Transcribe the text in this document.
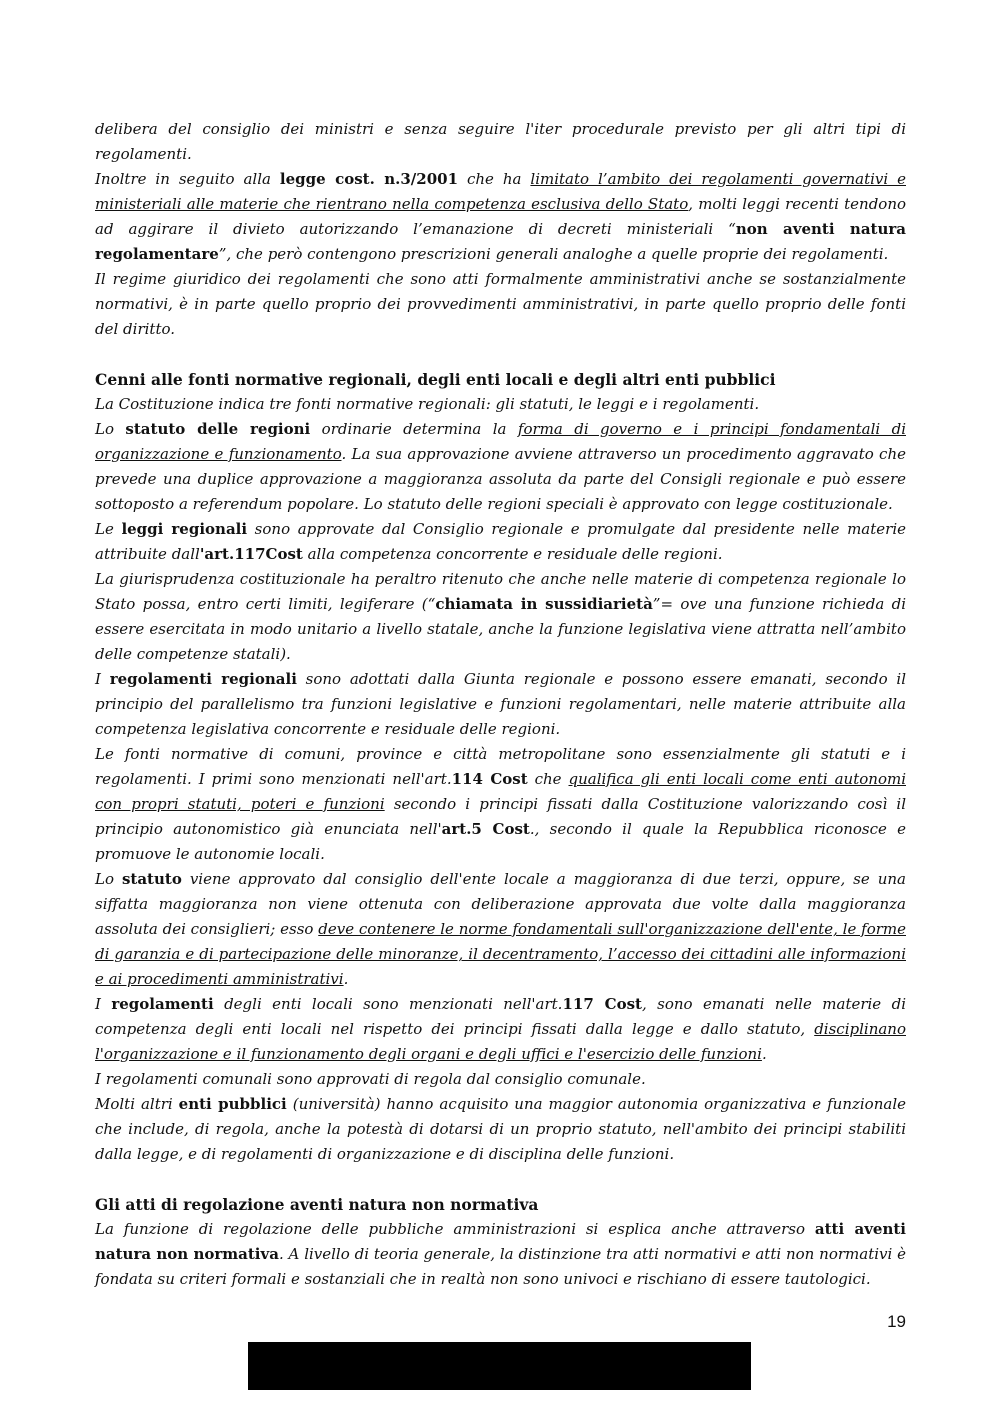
delibera del consiglio dei ministri e senza seguire l'iter procedurale previsto per gli altri tipi di regolamenti.

Inoltre in seguito alla legge cost. n.3/2001 che ha limitato l’ambito dei regolamenti governativi e ministeriali alle materie che rientrano nella competenza esclusiva dello Stato, molti leggi recenti tendono ad aggirare il divieto autorizzando l’emanazione di decreti ministeriali “non aventi natura regolamentare”, che però contengono prescrizioni generali analoghe a quelle proprie dei regolamenti.

Il regime giuridico dei regolamenti che sono atti formalmente amministrativi anche se sostanzialmente normativi, è in parte quello proprio dei provvedimenti amministrativi, in parte quello proprio delle fonti del diritto.

Cenni alle fonti normative regionali, degli enti locali e degli altri enti pubblici

La Costituzione indica tre fonti normative regionali: gli statuti, le leggi e i regolamenti.

Lo statuto delle regioni ordinarie determina la forma di governo e i principi fondamentali di organizzazione e funzionamento. La sua approvazione avviene attraverso un procedimento aggravato che prevede una duplice approvazione a maggioranza assoluta da parte del Consigli regionale e può essere sottoposto a referendum popolare. Lo statuto delle regioni speciali è approvato con legge costituzionale.

Le leggi regionali sono approvate dal Consiglio regionale e promulgate dal presidente nelle materie attribuite dall'art.117Cost alla competenza concorrente e residuale delle regioni.

La giurisprudenza costituzionale ha peraltro ritenuto che anche nelle materie di competenza regionale lo Stato possa, entro certi limiti, legiferare (“chiamata in sussidiarietà”= ove una funzione richieda di essere esercitata in modo unitario a livello statale, anche la funzione legislativa viene attratta nell’ambito delle competenze statali).

I regolamenti regionali sono adottati dalla Giunta regionale e possono essere emanati, secondo il principio del parallelismo tra funzioni legislative e funzioni regolamentari, nelle materie attribuite alla competenza legislativa concorrente e residuale delle regioni.

Le fonti normative di comuni, province e città metropolitane sono essenzialmente gli statuti e i regolamenti. I primi sono menzionati nell'art.114 Cost che qualifica gli enti locali come enti autonomi con propri statuti, poteri e funzioni secondo i principi fissati dalla Costituzione valorizzando così il principio autonomistico già enunciata nell'art.5 Cost., secondo il quale la Repubblica riconosce e promuove le autonomie locali.

Lo statuto viene approvato dal consiglio dell'ente locale a maggioranza di due terzi, oppure, se una siffatta maggioranza non viene ottenuta con deliberazione approvata due volte dalla maggioranza assoluta dei consiglieri; esso deve contenere le norme fondamentali sull'organizzazione dell'ente, le forme di garanzia e di partecipazione delle minoranze, il decentramento, l’accesso dei cittadini alle informazioni e ai procedimenti amministrativi.

I regolamenti degli enti locali sono menzionati nell'art.117 Cost, sono emanati nelle materie di competenza degli enti locali nel rispetto dei principi fissati dalla legge e dallo statuto, disciplinano l'organizzazione e il funzionamento degli organi e degli uffici e l'esercizio delle funzioni.

I regolamenti comunali sono approvati di regola dal consiglio comunale.

Molti altri enti pubblici (università) hanno acquisito una maggior autonomia organizzativa e funzionale che include, di regola, anche la potestà di dotarsi di un proprio statuto, nell'ambito dei principi stabiliti dalla legge, e di regolamenti di organizzazione e di disciplina delle funzioni.

Gli atti di regolazione aventi natura non normativa

La funzione di regolazione delle pubbliche amministrazioni si esplica anche attraverso atti aventi natura non normativa. A livello di teoria generale, la distinzione tra atti normativi e atti non normativi è fondata su criteri formali e sostanziali che in realtà non sono univoci e rischiano di essere tautologici.

19
